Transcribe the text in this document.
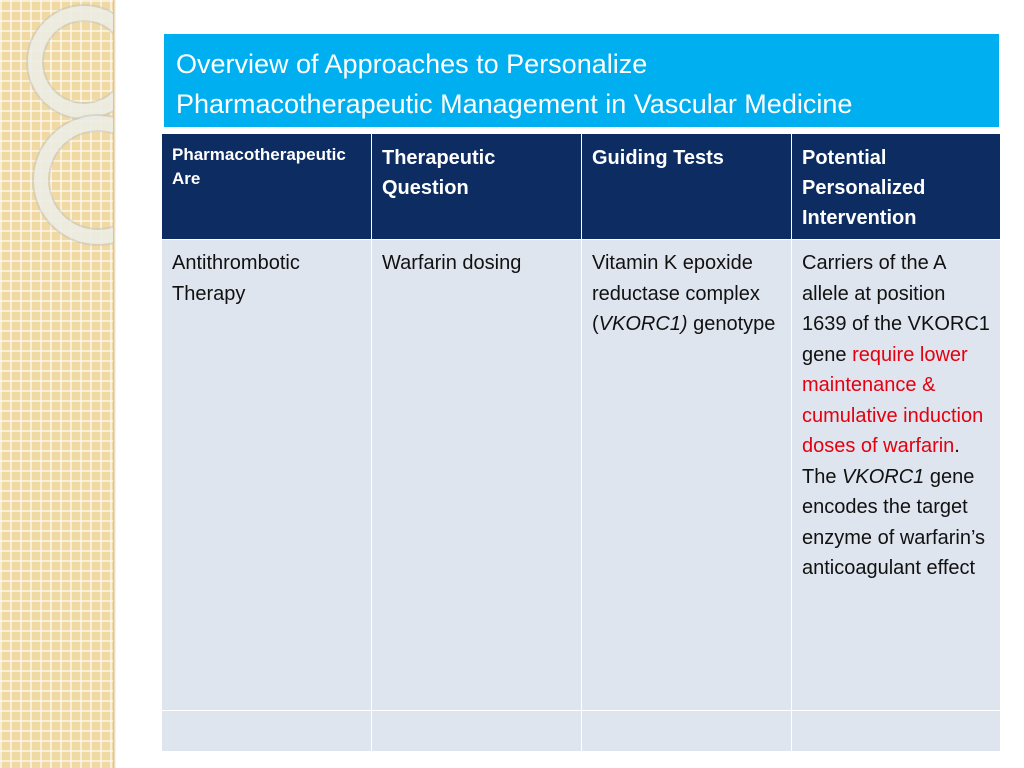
Overview of Approaches to Personalize
Pharmacotherapeutic Management in Vascular Medicine
Pharmacotherapeutic Are	Therapeutic Question	Guiding Tests	Potential Personalized Intervention
Antithrombotic Therapy	Warfarin dosing	Vitamin K epoxide reductase complex (VKORC1) genotype	Carriers of the A allele at position 1639 of the VKORC1 gene require lower maintenance & cumulative induction doses of warfarin. The VKORC1 gene encodes the target enzyme of warfarin’s anticoagulant effect
